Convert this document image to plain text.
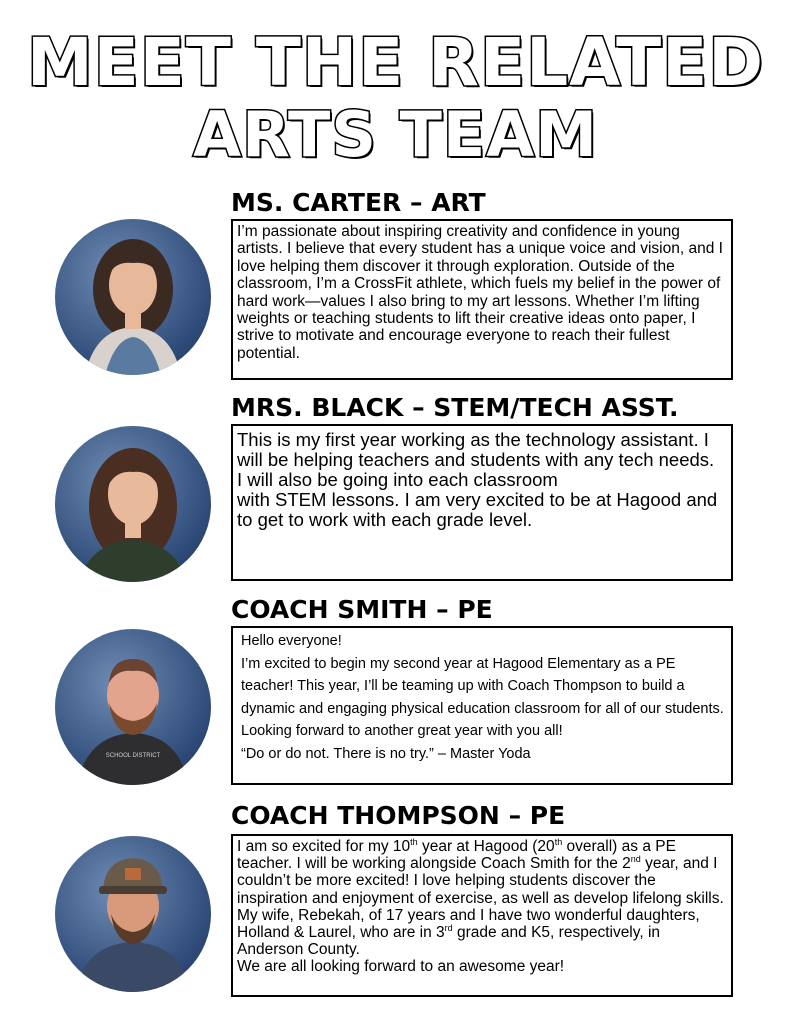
MEET THE RELATED
ARTS TEAM
MS. CARTER – ART

I’m passionate about inspiring creativity and confidence in young artists. I believe that every student has a unique voice and vision, and I love helping them discover it through exploration. Outside of the classroom, I’m a CrossFit athlete, which fuels my belief in the power of hard work—values I also bring to my art lessons. Whether I’m lifting weights or teaching students to lift their creative ideas onto paper, I strive to motivate and encourage everyone to reach their fullest potential.

MRS. BLACK – STEM/TECH ASST.

This is my first year working as the technology assistant. I will be helping teachers and students with any tech needs.

I will also be going into each classroom

with STEM lessons. I am very excited to be at Hagood and to get to work with each grade level.

SCHOOL DISTRICT
COACH SMITH – PE

Hello everyone!

I’m excited to begin my second year at Hagood Elementary as a PE teacher! This year, I’ll be teaming up with Coach Thompson to build a dynamic and engaging physical education classroom for all of our students.

Looking forward to another great year with you all!

“Do or do not. There is no try.” – Master Yoda

COACH THOMPSON – PE

I am so excited for my 10th year at Hagood (20th overall) as a PE teacher. I will be working alongside Coach Smith for the 2nd year, and I couldn’t be more excited! I love helping students discover the inspiration and enjoyment of exercise, as well as develop lifelong skills.

My wife, Rebekah, of 17 years and I have two wonderful daughters, Holland & Laurel, who are in 3rd grade and K5, respectively, in Anderson County.

We are all looking forward to an awesome year!
